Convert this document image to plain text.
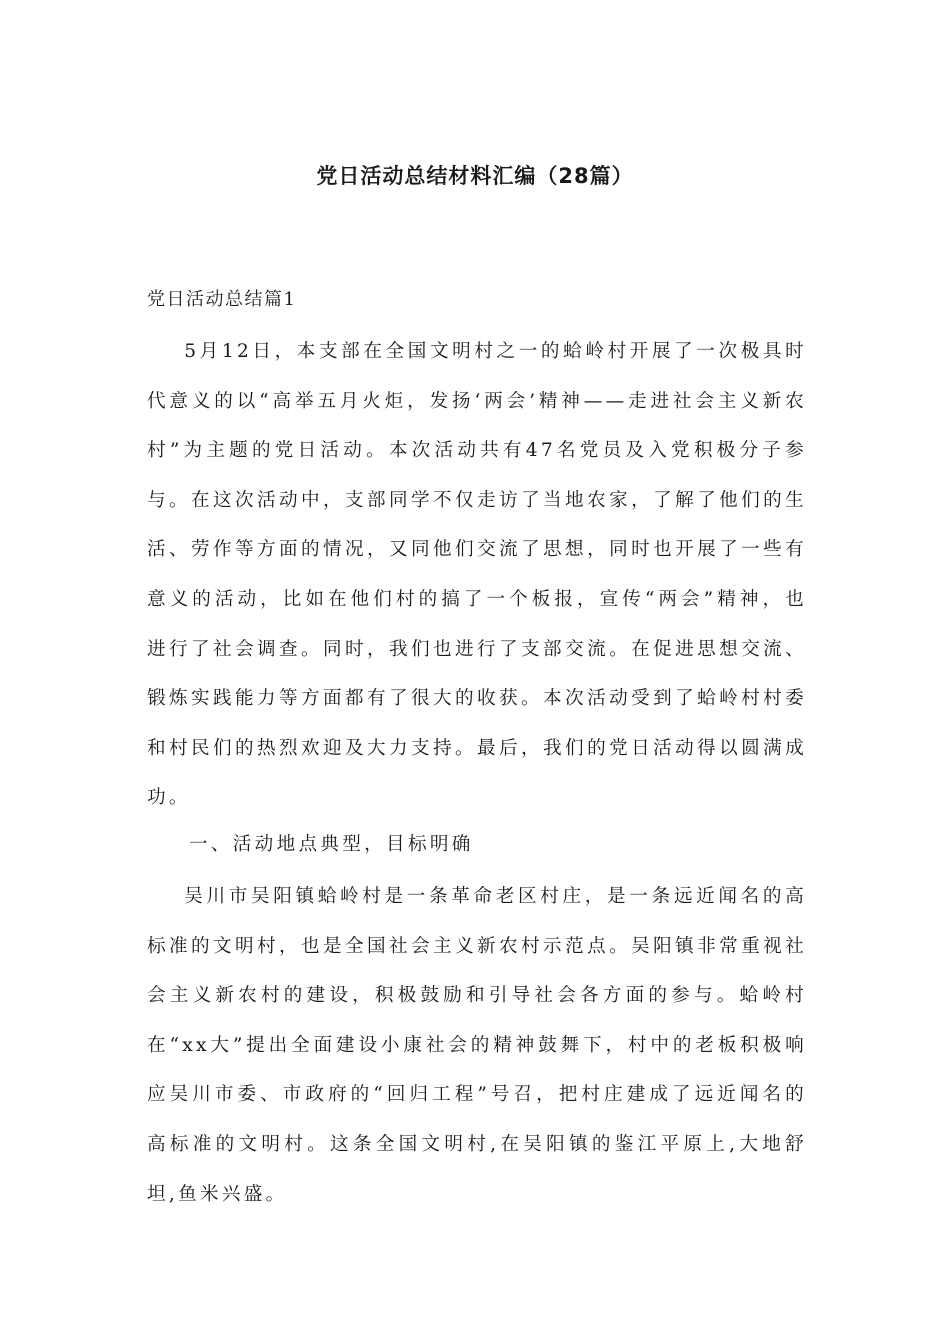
党日活动总结材料汇编（28篇）
党日活动总结篇1

5月12日，本支部在全国文明村之一的蛤岭村开展了一次极具时代意义的以“高举五月火炬，发扬‘两会’精神——走进社会主义新农村”为主题的党日活动。本次活动共有47名党员及入党积极分子参与。在这次活动中，支部同学不仅走访了当地农家，了解了他们的生活、劳作等方面的情况，又同他们交流了思想，同时也开展了一些有意义的活动，比如在他们村的搞了一个板报，宣传“两会”精神，也进行了社会调查。同时，我们也进行了支部交流。在促进思想交流、锻炼实践能力等方面都有了很大的收获。本次活动受到了蛤岭村村委和村民们的热烈欢迎及大力支持。最后，我们的党日活动得以圆满成功。

一、活动地点典型，目标明确

吴川市吴阳镇蛤岭村是一条革命老区村庄，是一条远近闻名的高标准的文明村，也是全国社会主义新农村示范点。吴阳镇非常重视社会主义新农村的建设，积极鼓励和引导社会各方面的参与。蛤岭村在“xx大”提出全面建设小康社会的精神鼓舞下，村中的老板积极响应吴川市委、市政府的“回归工程”号召，把村庄建成了远近闻名的高标准的文明村。这条全国文明村,在吴阳镇的鉴江平原上,大地舒坦,鱼米兴盛。
